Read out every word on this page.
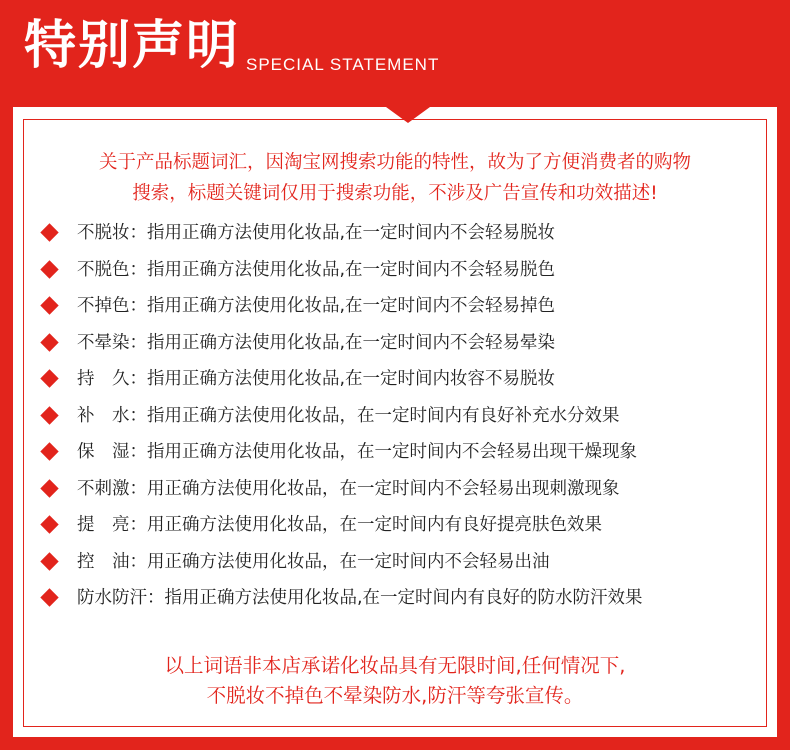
特别声明 SPECIAL STATEMENT
关于产品标题词汇，因淘宝网搜索功能的特性，故为了方便消费者的购物
搜索，标题关键词仅用于搜索功能，不涉及广告宣传和功效描述!
不脱妆：指用正确方法使用化妆品,在一定时间内不会轻易脱妆
不脱色：指用正确方法使用化妆品,在一定时间内不会轻易脱色
不掉色：指用正确方法使用化妆品,在一定时间内不会轻易掉色
不晕染：指用正确方法使用化妆品,在一定时间内不会轻易晕染
持　久：指用正确方法使用化妆品,在一定时间内妆容不易脱妆
补　水：指用正确方法使用化妆品，在一定时间内有良好补充水分效果
保　湿：指用正确方法使用化妆品，在一定时间内不会轻易出现干燥现象
不刺激：用正确方法使用化妆品，在一定时间内不会轻易出现刺激现象
提　亮：用正确方法使用化妆品，在一定时间内有良好提亮肤色效果
控　油：用正确方法使用化妆品，在一定时间内不会轻易出油
防水防汗：指用正确方法使用化妆品,在一定时间内有良好的防水防汗效果
以上词语非本店承诺化妆品具有无限时间,任何情况下,
不脱妆不掉色不晕染防水,防汗等夸张宣传。
